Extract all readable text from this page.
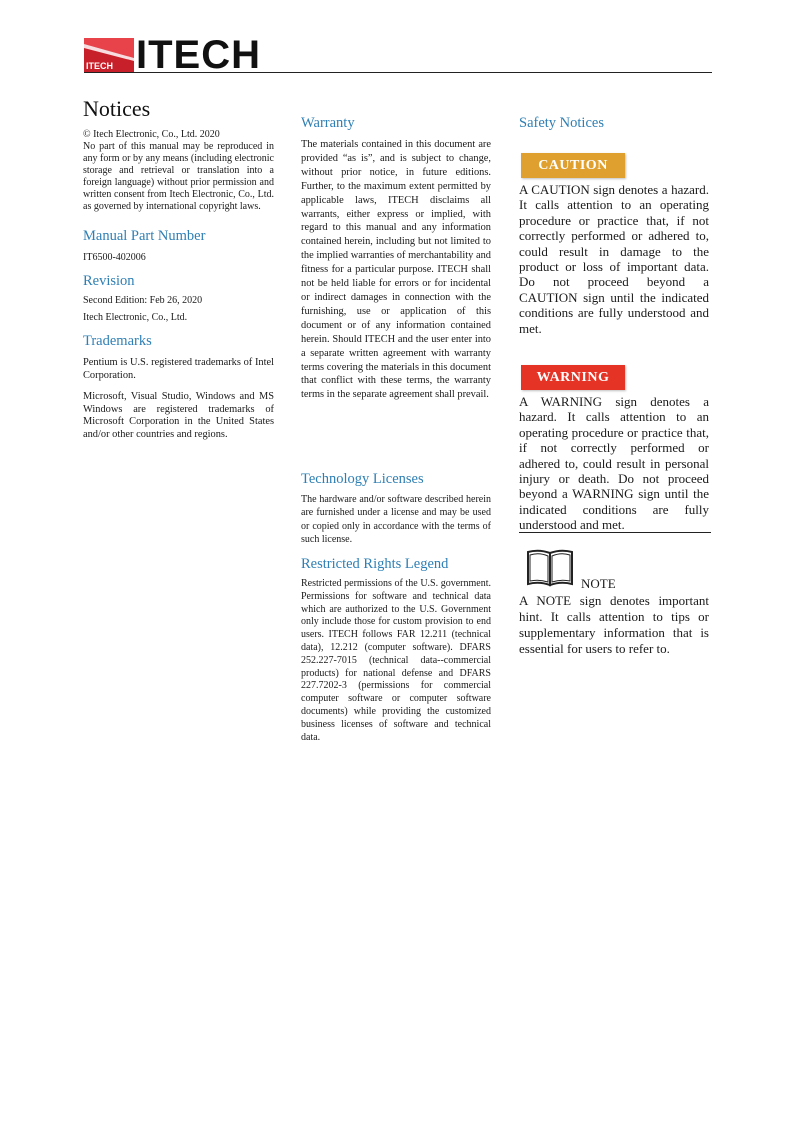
ITECH ITECH
Notices

© Itech Electronic, Co., Ltd. 2020

No part of this manual may be reproduced in any form or by any means (including electronic storage and retrieval or translation into a foreign language) without prior permission and written consent from Itech Electronic, Co., Ltd. as governed by international copyright laws.

Manual Part Number

IT6500-402006

Revision

Second Edition: Feb 26, 2020

Itech Electronic, Co., Ltd.

Trademarks

Pentium is U.S. registered trademarks of Intel Corporation.

Microsoft, Visual Studio, Windows and MS Windows are registered trademarks of Microsoft Corporation in the United States and/or other countries and regions.

Warranty

The materials contained in this document are provided “as is”, and is subject to change, without prior notice, in future editions. Further, to the maximum extent permitted by applicable laws, ITECH disclaims all warrants, either express or implied, with regard to this manual and any information contained herein, including but not limited to the implied warranties of merchantability and fitness for a particular purpose. ITECH shall not be held liable for errors or for incidental or indirect damages in connection with the furnishing, use or application of this document or of any information contained herein. Should ITECH and the user enter into a separate written agreement with warranty terms covering the materials in this document that conflict with these terms, the warranty terms in the separate agreement shall prevail.

Technology Licenses

The hardware and/or software described herein are furnished under a license and may be used or copied only in accordance with the terms of such license.

Restricted Rights Legend

Restricted permissions of the U.S. government. Permissions for software and technical data which are authorized to the U.S. Government only include those for custom provision to end users. ITECH follows FAR 12.211 (technical data), 12.212 (computer software). DFARS 252.227-7015 (technical data--commercial products) for national defense and DFARS 227.7202-3 (permissions for commercial computer software or computer software documents) while providing the customized business licenses of software and technical data.

Safety Notices
CAUTION

A CAUTION sign denotes a hazard. It calls attention to an operating procedure or practice that, if not correctly performed or adhered to, could result in damage to the product or loss of important data. Do not proceed beyond a CAUTION sign until the indicated conditions are fully understood and met.

WARNING

A WARNING sign denotes a hazard. It calls attention to an operating procedure or practice that, if not correctly performed or adhered to, could result in personal injury or death. Do not proceed beyond a WARNING sign until the indicated conditions are fully understood and met.

NOTE

A NOTE sign denotes important hint. It calls attention to tips or supplementary information that is essential for users to refer to.
